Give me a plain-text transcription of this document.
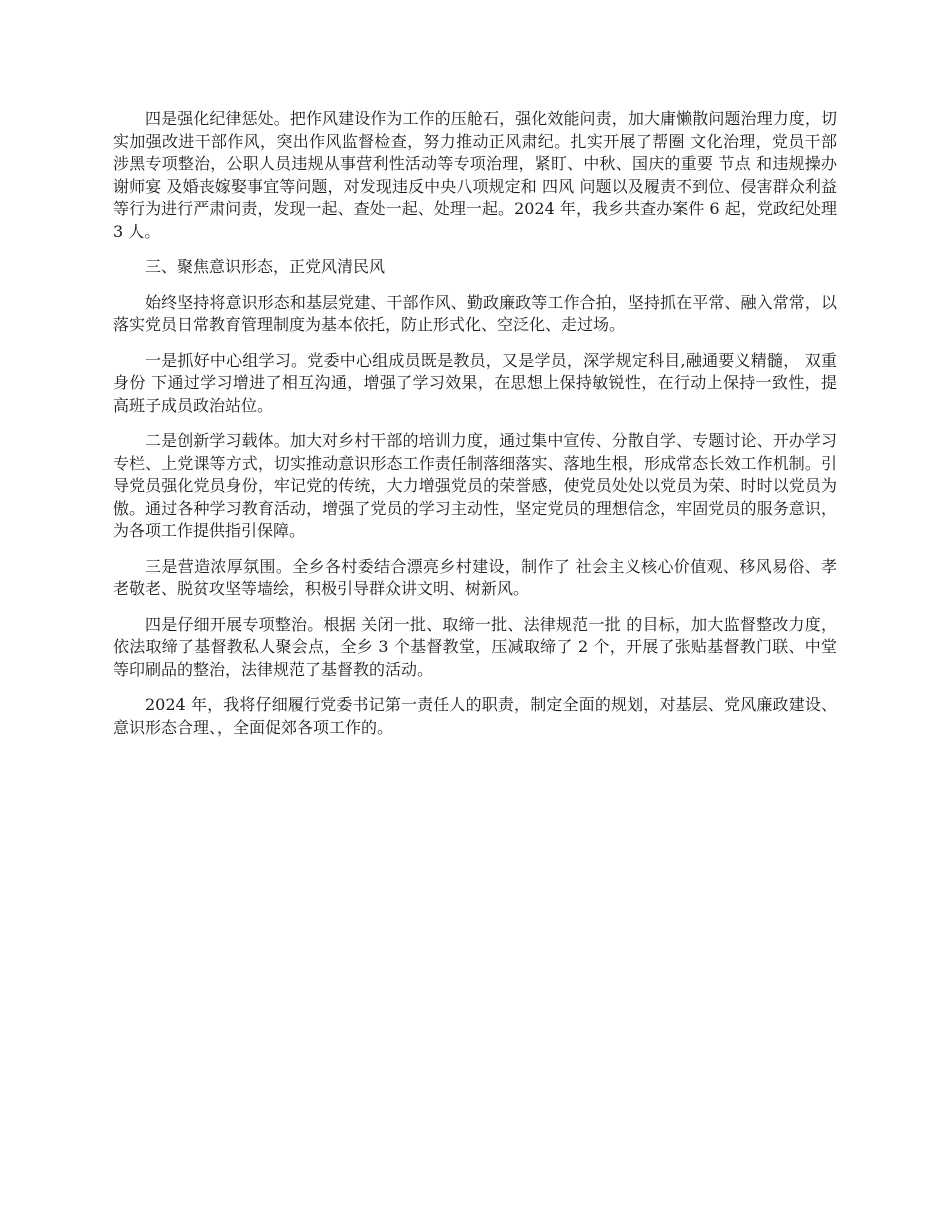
四是强化纪律惩处。把作风建设作为工作的压舱石，强化效能问责，加大庸懒散问题治理力度，切实加强改进干部作风，突出作风监督检查，努力推动正风肃纪。扎实开展了帮圈 文化治理，党员干部涉黑专项整治，公职人员违规从事营利性活动等专项治理，紧盯、中秋、国庆的重要 节点 和违规操办 谢师宴 及婚丧嫁娶事宜等问题，对发现违反中央八项规定和 四风 问题以及履责不到位、侵害群众利益等行为进行严肃问责，发现一起、查处一起、处理一起。2024 年，我乡共查办案件 6 起，党政纪处理 3 人。

三、聚焦意识形态，正党风清民风

始终坚持将意识形态和基层党建、干部作风、勤政廉政等工作合拍，坚持抓在平常、融入常常，以落实党员日常教育管理制度为基本依托，防止形式化、空泛化、走过场。

一是抓好中心组学习。党委中心组成员既是教员，又是学员，深学规定科目,融通要义精髓， 双重身份 下通过学习增进了相互沟通，增强了学习效果，在思想上保持敏锐性，在行动上保持一致性，提高班子成员政治站位。

二是创新学习载体。加大对乡村干部的培训力度，通过集中宣传、分散自学、专题讨论、开办学习专栏、上党课等方式，切实推动意识形态工作责任制落细落实、落地生根，形成常态长效工作机制。引导党员强化党员身份，牢记党的传统，大力增强党员的荣誉感，使党员处处以党员为荣、时时以党员为傲。通过各种学习教育活动，增强了党员的学习主动性，坚定党员的理想信念，牢固党员的服务意识，为各项工作提供指引保障。

三是营造浓厚氛围。全乡各村委结合漂亮乡村建设，制作了 社会主义核心价值观、移风易俗、孝老敬老、脱贫攻坚等墙绘，积极引导群众讲文明、树新风。

四是仔细开展专项整治。根据 关闭一批、取缔一批、法律规范一批 的目标，加大监督整改力度，依法取缔了基督教私人聚会点，全乡 3 个基督教堂，压减取缔了 2 个，开展了张贴基督教门联、中堂等印刷品的整治，法律规范了基督教的活动。

2024 年，我将仔细履行党委书记第一责任人的职责，制定全面的规划，对基层、党风廉政建设、意识形态合理、，全面促郊各项工作的。
